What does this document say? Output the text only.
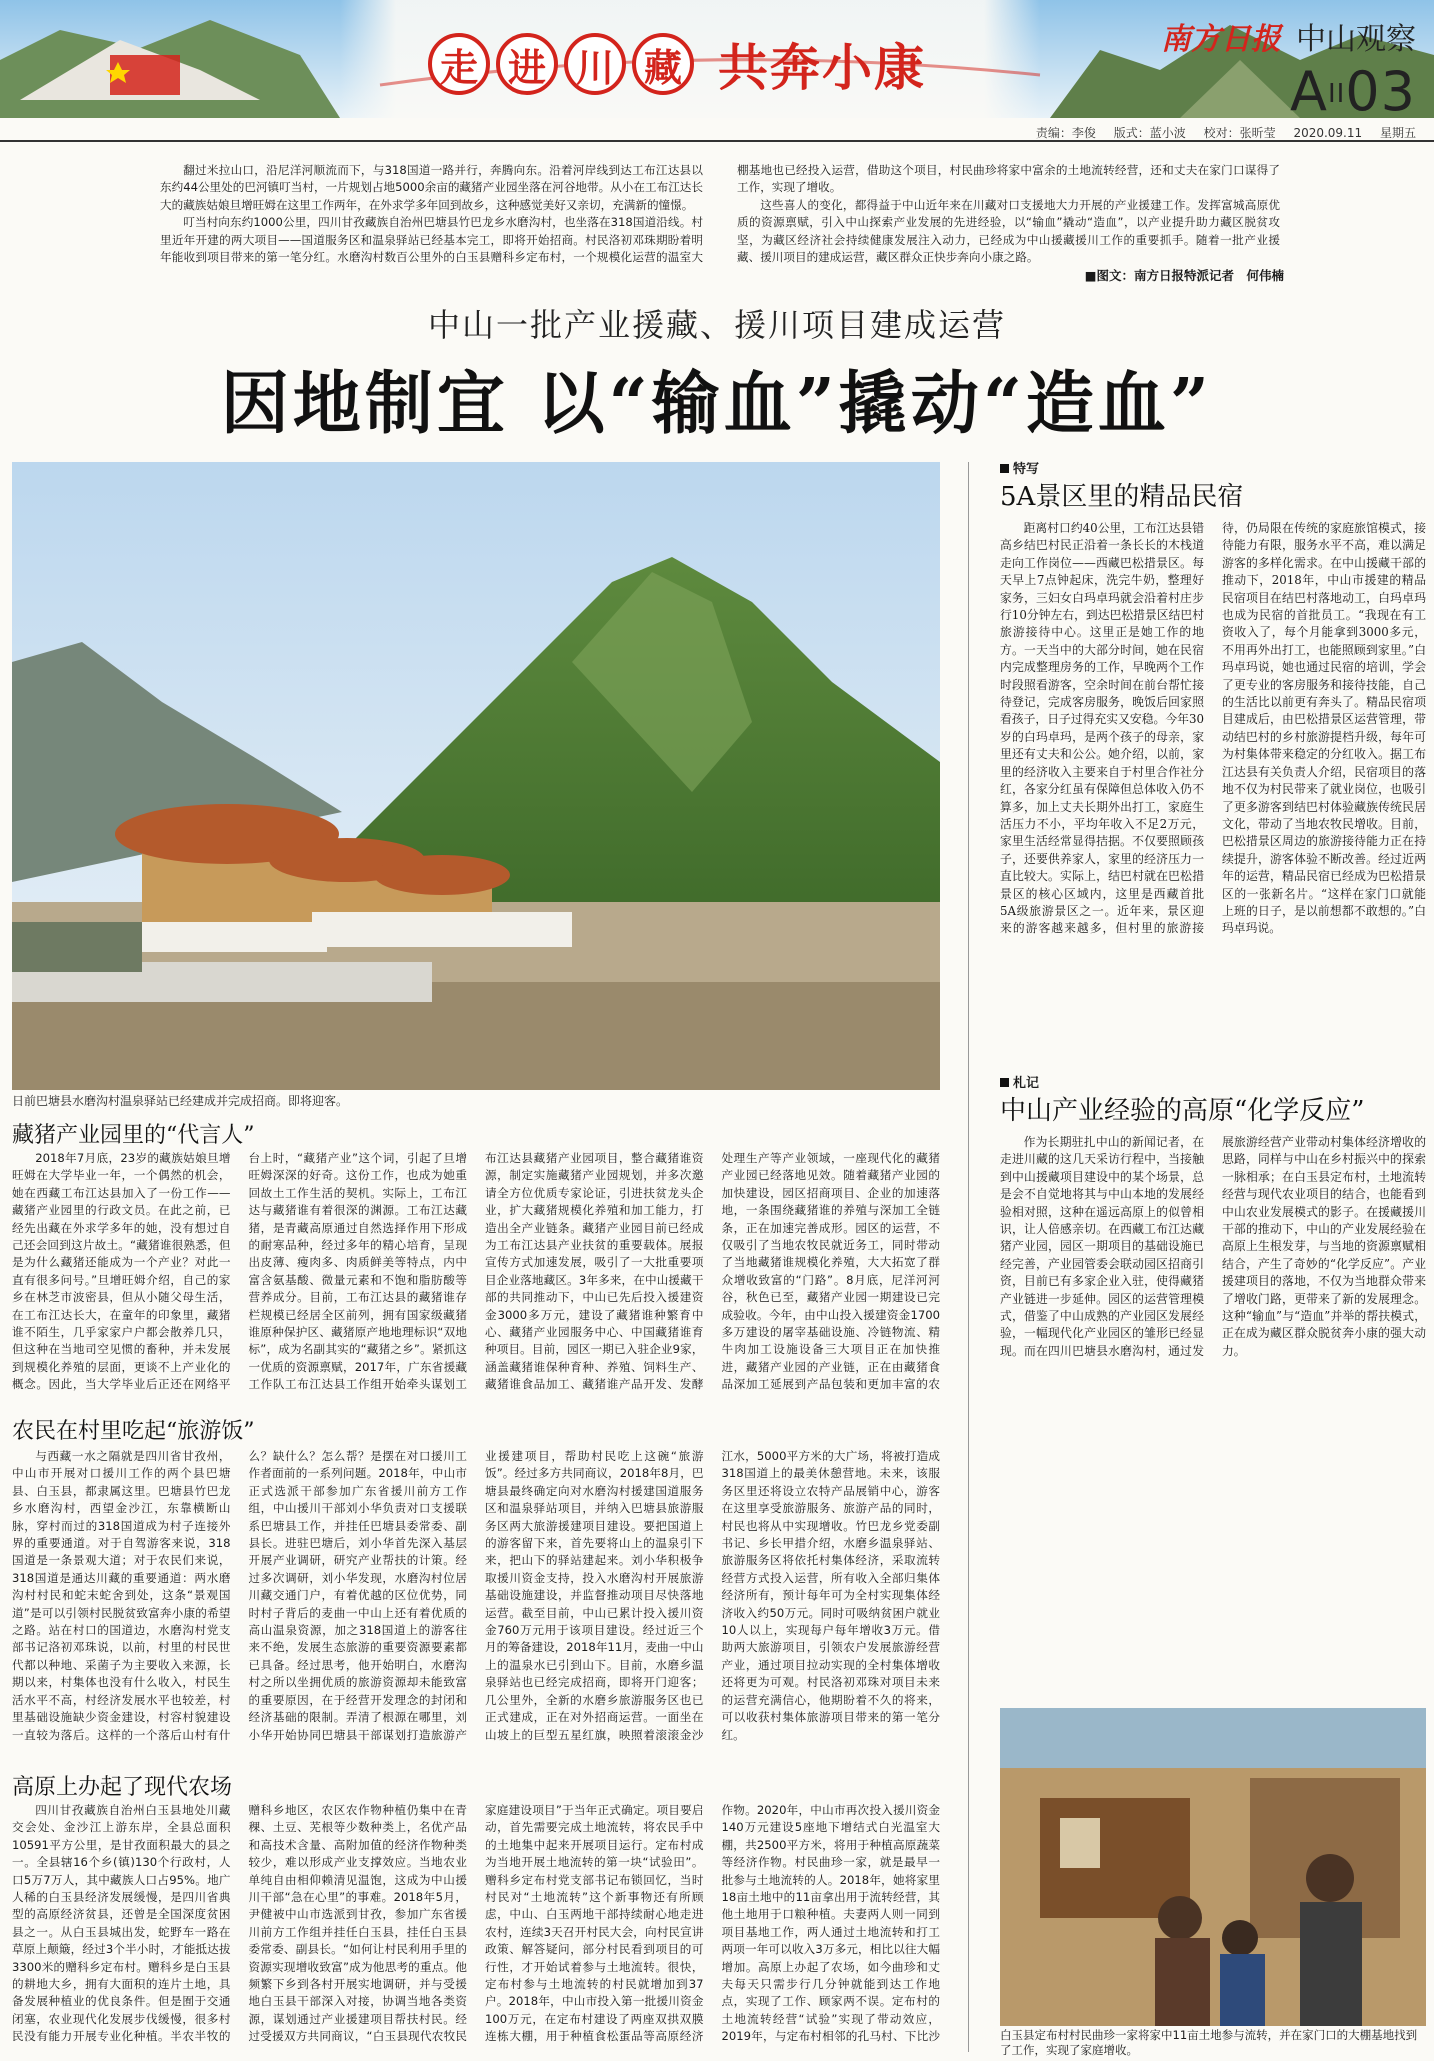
走 进 川 藏 共奔小康	南方日报 中山观察
AII03
责编：李俊 版式：蓝小波 校对：张昕莹 2020.09.11 星期五

翻过米拉山口，沿尼洋河顺流而下，与318国道一路并行，奔腾向东。沿着河岸线到达工布江达县以东约44公里处的巴河镇叮当村，一片规划占地5000余亩的藏猪产业园坐落在河谷地带。从小在工布江达长大的藏族姑娘旦增旺姆在这里工作两年，在外求学多年回到故乡，这种感觉美好又亲切，充满新的憧憬。

叮当村向东约1000公里，四川甘孜藏族自治州巴塘县竹巴龙乡水磨沟村，也坐落在318国道沿线。村里近年开建的两大项目——国道服务区和温泉驿站已经基本完工，即将开始招商。村民洛初邓珠期盼着明年能收到项目带来的第一笔分红。水磨沟村数百公里外的白玉县赠科乡定布村，一个规模化运营的温室大棚基地也已经投入运营，借助这个项目，村民曲珍将家中富余的土地流转经营，还和丈夫在家门口谋得了工作，实现了增收。

这些喜人的变化，都得益于中山近年来在川藏对口支援地大力开展的产业援建工作。发挥富城高原优质的资源禀赋，引入中山探索产业发展的先进经验，以“输血”撬动“造血”，以产业提升助力藏区脱贫攻坚，为藏区经济社会持续健康发展注入动力，已经成为中山援藏援川工作的重要抓手。随着一批产业援藏、援川项目的建成运营，藏区群众正快步奔向小康之路。

■图文：南方日报特派记者　何伟楠
中山一批产业援藏、援川项目建成运营
因地制宜 以“输血”撬动“造血”
日前巴塘县水磨沟村温泉驿站已经建成并完成招商。即将迎客。
藏猪产业园里的“代言人”

2018年7月底，23岁的藏族姑娘旦增旺姆在大学毕业一年，一个偶然的机会，她在西藏工布江达县加入了一份工作——藏猪产业园里的行政文员。在此之前，已经先出藏在外求学多年的她，没有想过自己还会回到这片故土。“藏猪谁很熟悉，但是为什么藏猪还能成为一个产业？对此一直有很多问号。”旦增旺姆介绍，自己的家乡在林芝市波密县，但从小随父母生活，在工布江达长大，在童年的印象里，藏猪谁不陌生，几乎家家户户都会散养几只，但这种在当地司空见惯的畜种，并未发展到规模化养殖的层面，更谈不上产业化的概念。因此，当大学毕业后正还在网络平台上时，“藏猪产业”这个词，引起了旦增旺姆深深的好奇。这份工作，也成为她重回故土工作生活的契机。实际上，工布江达与藏猪谁有着很深的渊源。工布江达藏猪，是青藏高原通过自然选择作用下形成的耐寒品种，经过多年的精心培育，呈现出皮薄、瘦肉多、肉质鲜美等特点，内中富含氨基酸、微量元素和不饱和脂肪酸等营养成分。目前，工布江达县的藏猪谁存栏规模已经居全区前列，拥有国家级藏猪谁原种保护区、藏猪原产地地理标识“双地标”，成为名副其实的“藏猪之乡”。紧抓这一优质的资源禀赋，2017年，广东省援藏工作队工布江达县工作组开始牵头谋划工布江达县藏猪产业园项目，整合藏猪谁资源，制定实施藏猪产业园规划，并多次邀请全方位优质专家论证，引进扶贫龙头企业，扩大藏猪规模化养殖和加工能力，打造出全产业链条。藏猪产业园目前已经成为工布江达县产业扶贫的重要载体。展报宣传方式加速发展，吸引了一大批重要项目企业落地藏区。3年多来，在中山援藏干部的共同推动下，中山已先后投入援建资金3000多万元，建设了藏猪谁种繁育中心、藏猪产业园服务中心、中国藏猪谁育种项目。目前，园区一期已入驻企业9家，涵盖藏猪谁保种育种、养殖、饲料生产、藏猪谁食品加工、藏猪谁产品开发、发酵处理生产等产业领域，一座现代化的藏猪产业园已经落地见效。随着藏猪产业园的加快建设，园区招商项目、企业的加速落地，一条围绕藏猪谁的养殖与深加工全链条，正在加速完善成形。园区的运营，不仅吸引了当地农牧民就近务工，同时带动了当地藏猪谁规模化养殖，大大拓宽了群众增收致富的“门路”。8月底，尼洋河河谷，秋色已至，藏猪产业园一期建设已完成验收。今年，由中山投入援建资金1700多万建设的屠宰基础设施、冷链物流、精牛肉加工设施设备三大项目正在加快推进，藏猪产业园的产业链，正在由藏猪食品深加工延展到产品包装和更加丰富的农

农民在村里吃起“旅游饭”

与西藏一水之隔就是四川省甘孜州，中山市开展对口援川工作的两个县巴塘县、白玉县，都隶属这里。巴塘县竹巴龙乡水磨沟村，西望金沙江，东靠横断山脉，穿村而过的318国道成为村子连接外界的重要通道。对于自驾游客来说，318国道是一条景观大道；对于农民们来说，318国道是通达川藏的重要通道：两水磨沟村村民和蛇末蛇舍到处，这条“景观国道”是可以引领村民脱贫致富奔小康的希望之路。站在村口的国道边，水磨沟村党支部书记洛初邓珠说，以前，村里的村民世代都以种地、采菌子为主要收入来源，长期以来，村集体也没有什么收入，村民生活水平不高，村经济发展水平也较差，村里基础设施缺少资金建设，村容村貌建设一直较为落后。这样的一个落后山村有什么？缺什么？怎么帮？是摆在对口援川工作者面前的一系列问题。2018年，中山市正式选派干部参加广东省援川前方工作组，中山援川干部刘小华负责对口支援联系巴塘县工作，并挂任巴塘县委常委、副县长。进驻巴塘后，刘小华首先深入基层开展产业调研，研究产业帮扶的计策。经过多次调研，刘小华发现，水磨沟村位居川藏交通门户，有着优越的区位优势，同时村子背后的麦曲一中山上还有着优质的高山温泉资源，加之318国道上的游客往来不绝，发展生态旅游的重要资源要素都已具备。经过思考，他开始明白，水磨沟村之所以坐拥优质的旅游资源却未能致富的重要原因，在于经营开发理念的封闭和经济基础的限制。弄清了根源在哪里，刘小华开始协同巴塘县干部谋划打造旅游产业援建项目，帮助村民吃上这碗“旅游饭”。经过多方共同商议，2018年8月，巴塘县最终确定向对水磨沟村援建国道服务区和温泉驿站项目，并纳入巴塘县旅游服务区两大旅游援建项目建设。要把国道上的游客留下来，首先要将山上的温泉引下来，把山下的驿站建起来。刘小华积极争取援川资金支持，投入水磨沟村开展旅游基础设施建设，并监督推动项目尽快落地运营。截至目前，中山已累计投入援川资金760万元用于该项目建设。经过近三个月的筹备建设，2018年11月，麦曲一中山上的温泉水已引到山下。目前，水磨乡温泉驿站也已经完成招商，即将开门迎客；几公里外，全新的水磨乡旅游服务区也已正式建成，正在对外招商运营。一面坐在山坡上的巨型五星红旗，映照着滚滚金沙江水，5000平方米的大广场，将被打造成318国道上的最美休憩营地。未来，该服务区里还将设立农特产品展销中心，游客在这里享受旅游服务、旅游产品的同时，村民也将从中实现增收。竹巴龙乡党委副书记、乡长甲措介绍，水磨乡温泉驿站、旅游服务区将依托村集体经济，采取流转经营方式投入运营，所有收入全部归集体经济所有，预计每年可为全村实现集体经济收入约50万元。同时可吸纳贫困户就业10人以上，实现每户每年增收3万元。借助两大旅游项目，引领农户发展旅游经营产业，通过项目拉动实现的全村集体增收还将更为可观。村民洛初邓珠对项目未来的运营充满信心，他期盼着不久的将来，可以收获村集体旅游项目带来的第一笔分红。

高原上办起了现代农场

四川甘孜藏族自治州白玉县地处川藏交会处、金沙江上游东岸，全县总面积10591平方公里，是甘孜面积最大的县之一。全县辖16个乡(镇)130个行政村，人口5万7万人，其中藏族人口占95%。地广人稀的白玉县经济发展缓慢，是四川省典型的高原经济贫县，还曾是全国深度贫困县之一。从白玉县城出发，蛇野车一路在草原上颠簸，经过3个半小时，才能抵达拔3300米的赠科乡定布村。赠科乡是白玉县的耕地大乡，拥有大面积的连片土地，具备发展种植业的优良条件。但是囿于交通闭塞，农业现代化发展步伐缓慢，很多村民没有能力开展专业化种植。半农半牧的赠科乡地区，农区农作物种植仍集中在青稞、土豆、芜根等少数种类上，名优产品和高技术含量、高附加值的经济作物种类较少，难以形成产业支撑效应。当地农业单纯自由相仰赖清见温饱，这成为中山援川干部“急在心里”的事难。2018年5月，尹健被中山市选派到甘孜，参加广东省援川前方工作组并挂任白玉县，挂任白玉县委常委、副县长。“如何让村民利用手里的资源实现增收致富”成为他思考的重点。他频繁下乡到各村开展实地调研，并与受援地白玉县干部深入对接，协调当地各类资源，谋划通过产业援建项目帮扶村民。经过受援双方共同商议，“白玉县现代农牧民家庭建设项目”于当年正式确定。项目要启动，首先需要完成土地流转，将农民手中的土地集中起来开展项目运行。定布村成为当地开展土地流转的第一块“试验田”。赠科乡定布村党支部书记布锁回忆，当时村民对“土地流转”这个新事物还有所顾虑，中山、白玉两地干部持续耐心地走进农村，连续3天召开村民大会，向村民宣讲政策、解答疑问，部分村民看到项目的可行性，才开始试着参与土地流转。很快，定布村参与土地流转的村民就增加到37户。2018年，中山市投入第一批援川资金100万元，在定布村建设了两座双拱双膜连栋大棚，用于种植食松蛋品等高原经济作物。2020年，中山市再次投入援川资金140万元建设5座地下增结式白光温室大棚，共2500平方米，将用于种植高原蔬菜等经济作物。村民曲珍一家，就是最早一批参与土地流转的人。2018年，她将家里18亩土地中的11亩拿出用于流转经营，其他土地用于口粮种植。夫妻两人则一同到项目基地工作，两人通过土地流转和打工两项一年可以收入3万多元，相比以往大幅增加。高原上办起了农场，如今曲珍和丈夫每天只需步行几分钟就能到达工作地点，实现了工作、顾家两不误。定布村的土地流转经营“试验”实现了带动效应，2019年，与定布村相邻的孔马村、下比沙

特写
5A景区里的精品民宿

距离村口约40公里，工布江达县错高乡结巴村民正沿着一条长长的木栈道走向工作岗位——西藏巴松措景区。每天早上7点钟起床，洗完牛奶，整理好家务，三妇女白玛卓玛就会沿着村庄步行10分钟左右，到达巴松措景区结巴村旅游接待中心。这里正是她工作的地方。一天当中的大部分时间，她在民宿内完成整理房务的工作，早晚两个工作时段照看游客，空余时间在前台帮忙接待登记，完成客房服务，晚饭后回家照看孩子，日子过得充实又安稳。今年30岁的白玛卓玛，是两个孩子的母亲，家里还有丈夫和公公。她介绍，以前，家里的经济收入主要来自于村里合作社分红，各家分红虽有保障但总体收入仍不算多，加上丈夫长期外出打工，家庭生活压力不小，平均年收入不足2万元，家里生活经常显得拮据。不仅要照顾孩子，还要供养家人，家里的经济压力一直比较大。实际上，结巴村就在巴松措景区的核心区域内，这里是西藏首批5A级旅游景区之一。近年来，景区迎来的游客越来越多，但村里的旅游接待，仍局限在传统的家庭旅馆模式，接待能力有限，服务水平不高，难以满足游客的多样化需求。在中山援藏干部的推动下，2018年，中山市援建的精品民宿项目在结巴村落地动工，白玛卓玛也成为民宿的首批员工。“我现在有工资收入了，每个月能拿到3000多元，不用再外出打工，也能照顾到家里。”白玛卓玛说，她也通过民宿的培训，学会了更专业的客房服务和接待技能，自己的生活比以前更有奔头了。精品民宿项目建成后，由巴松措景区运营管理，带动结巴村的乡村旅游提档升级，每年可为村集体带来稳定的分红收入。据工布江达县有关负责人介绍，民宿项目的落地不仅为村民带来了就业岗位，也吸引了更多游客到结巴村体验藏族传统民居文化，带动了当地农牧民增收。目前，巴松措景区周边的旅游接待能力正在持续提升，游客体验不断改善。经过近两年的运营，精品民宿已经成为巴松措景区的一张新名片。“这样在家门口就能上班的日子，是以前想都不敢想的。”白玛卓玛说。

札记
中山产业经验的高原“化学反应”

作为长期驻扎中山的新闻记者，在走进川藏的这几天采访行程中，当接触到中山援藏项目建设中的某个场景，总是会不自觉地将其与中山本地的发展经验相对照，这种在遥远高原上的似曾相识，让人倍感亲切。在西藏工布江达藏猪产业园，园区一期项目的基础设施已经完善，产业园管委会联动园区招商引资，目前已有多家企业入驻，使得藏猪产业链进一步延伸。园区的运营管理模式，借鉴了中山成熟的产业园区发展经验，一幅现代化产业园区的雏形已经显现。而在四川巴塘县水磨沟村，通过发展旅游经营产业带动村集体经济增收的思路，同样与中山在乡村振兴中的探索一脉相承；在白玉县定布村，土地流转经营与现代农业项目的结合，也能看到中山农业发展模式的影子。在援藏援川干部的推动下，中山的产业发展经验在高原上生根发芽，与当地的资源禀赋相结合，产生了奇妙的“化学反应”。产业援建项目的落地，不仅为当地群众带来了增收门路，更带来了新的发展理念。这种“输血”与“造血”并举的帮扶模式，正在成为藏区群众脱贫奔小康的强大动力。

白玉县定布村村民曲珍一家将家中11亩土地参与流转，并在家门口的大棚基地找到了工作，实现了家庭增收。
